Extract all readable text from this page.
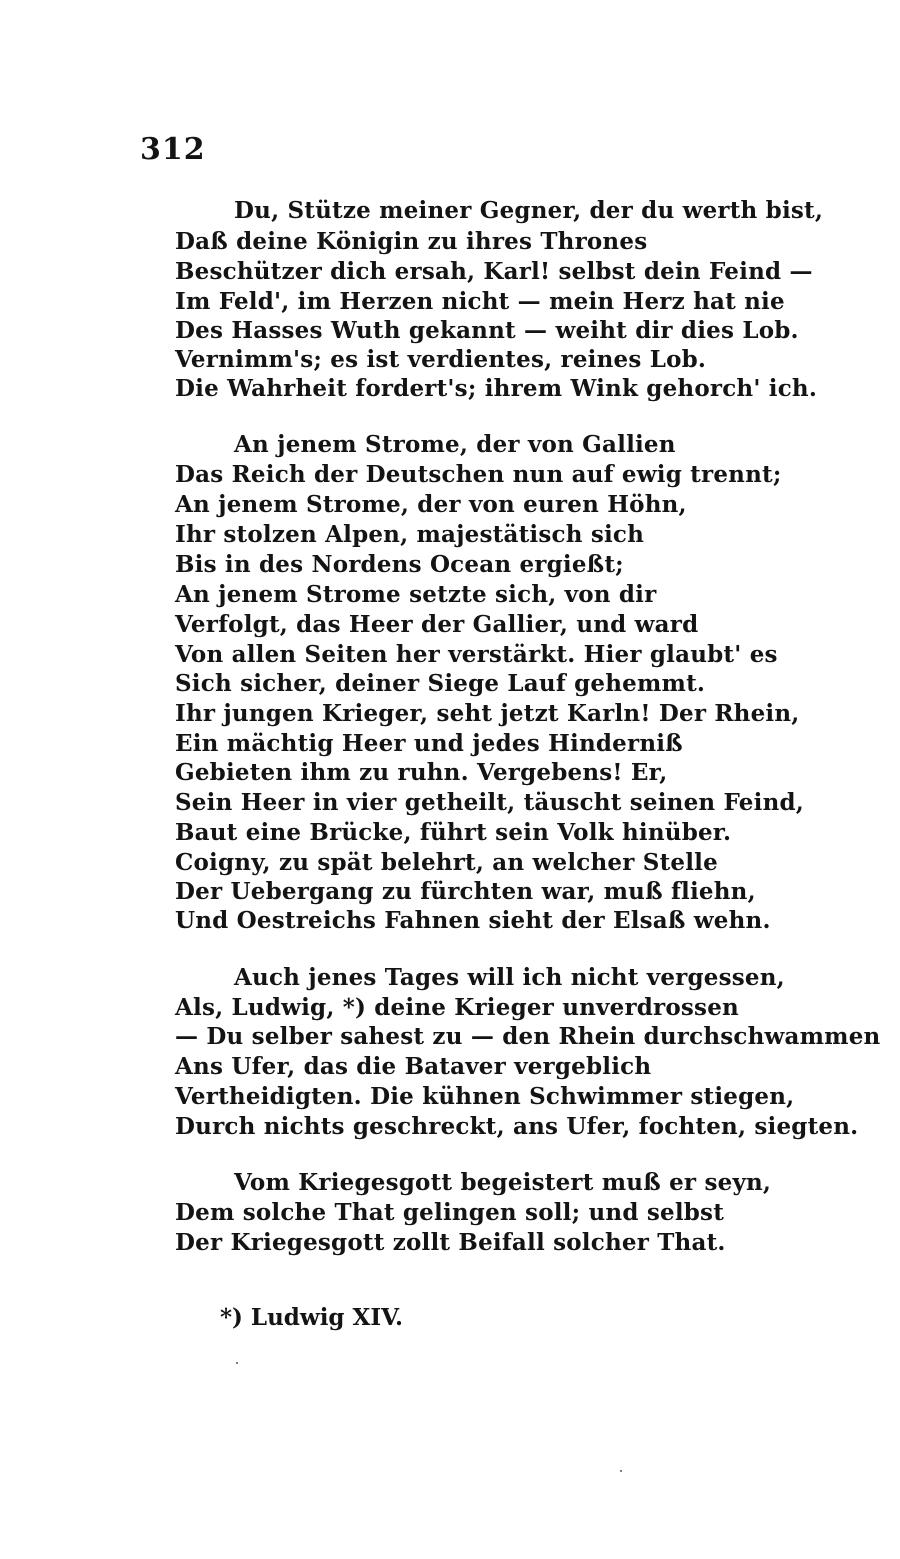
312
Du, Stütze meiner Gegner, der du werth bist,
Daß deine Königin zu ihres Thrones
Beschützer dich ersah, Karl! selbst dein Feind —
Im Feld', im Herzen nicht — mein Herz hat nie
Des Hasses Wuth gekannt — weiht dir dies Lob.
Vernimm's; es ist verdientes, reines Lob.
Die Wahrheit fordert's; ihrem Wink gehorch' ich.
An jenem Strome, der von Gallien
Das Reich der Deutschen nun auf ewig trennt;
An jenem Strome, der von euren Höhn,
Ihr stolzen Alpen, majestätisch sich
Bis in des Nordens Ocean ergießt;
An jenem Strome setzte sich, von dir
Verfolgt, das Heer der Gallier, und ward
Von allen Seiten her verstärkt. Hier glaubt' es
Sich sicher, deiner Siege Lauf gehemmt.
Ihr jungen Krieger, seht jetzt Karln! Der Rhein,
Ein mächtig Heer und jedes Hinderniß
Gebieten ihm zu ruhn. Vergebens! Er,
Sein Heer in vier getheilt, täuscht seinen Feind,
Baut eine Brücke, führt sein Volk hinüber.
Coigny, zu spät belehrt, an welcher Stelle
Der Uebergang zu fürchten war, muß fliehn,
Und Oestreichs Fahnen sieht der Elsaß wehn.
Auch jenes Tages will ich nicht vergessen,
Als, Ludwig, *) deine Krieger unverdrossen
— Du selber sahest zu — den Rhein durchschwammen
Ans Ufer, das die Bataver vergeblich
Vertheidigten. Die kühnen Schwimmer stiegen,
Durch nichts geschreckt, ans Ufer, fochten, siegten.
Vom Kriegesgott begeistert muß er seyn,
Dem solche That gelingen soll; und selbst
Der Kriegesgott zollt Beifall solcher That.
*) Ludwig XIV.
